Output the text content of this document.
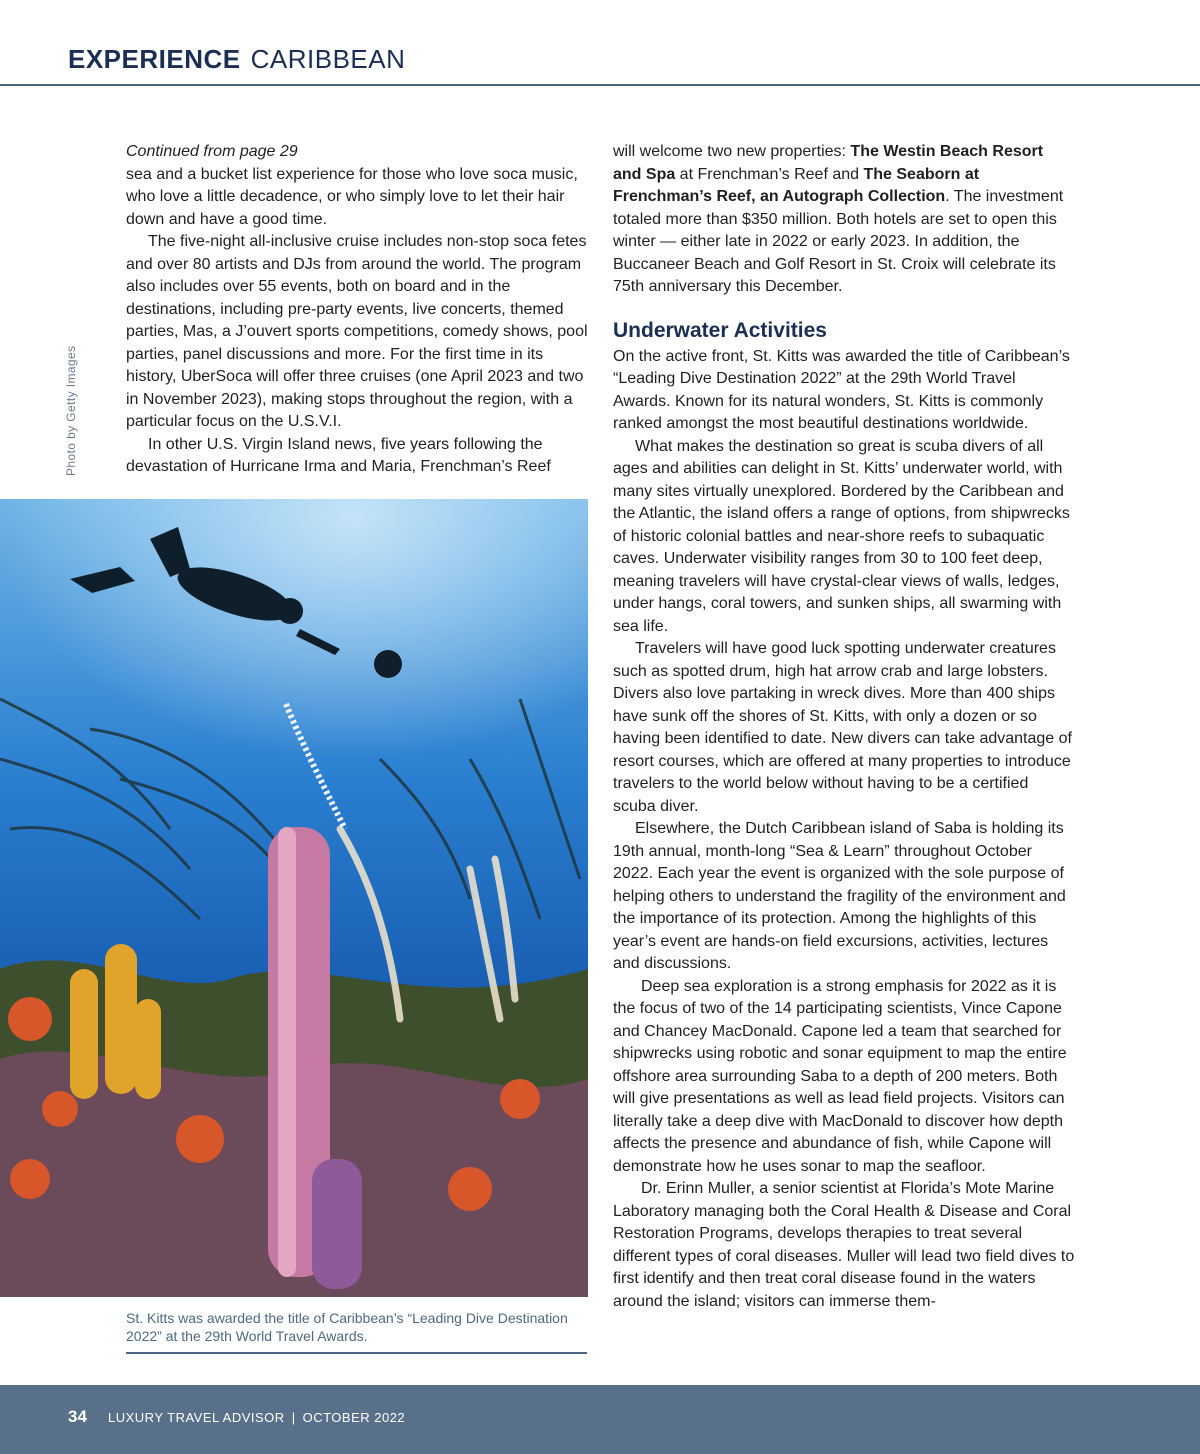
EXPERIENCE CARIBBEAN
Photo by Getty Images

Continued from page 29

sea and a bucket list experience for those who love soca music, who love a little decadence, or who simply love to let their hair down and have a good time.

The five-night all-inclusive cruise includes non-stop soca fetes and over 80 artists and DJs from around the world. The program also includes over 55 events, both on board and in the destinations, including pre-party events, live concerts, themed parties, Mas, a J’ouvert sports competitions, comedy shows, pool parties, panel discussions and more. For the first time in its history, UberSoca will offer three cruises (one April 2023 and two in November 2023), making stops throughout the region, with a particular focus on the U.S.V.I.

In other U.S. Virgin Island news, five years following the devastation of Hurricane Irma and Maria, Frenchman’s Reef

St. Kitts was awarded the title of Caribbean’s “Leading Dive Destination 2022” at the 29th World Travel Awards.

will welcome two new properties: The Westin Beach Resort and Spa at Frenchman’s Reef and The Seaborn at Frenchman’s Reef, an Autograph Collection. The investment totaled more than $350 million. Both hotels are set to open this winter — either late in 2022 or early 2023. In addition, the Buccaneer Beach and Golf Resort in St. Croix will celebrate its 75th anniversary this December.

Underwater Activities

On the active front, St. Kitts was awarded the title of Caribbean’s “Leading Dive Destination 2022” at the 29th World Travel Awards. Known for its natural wonders, St. Kitts is commonly ranked amongst the most beautiful destinations worldwide.

What makes the destination so great is scuba divers of all ages and abilities can delight in St. Kitts’ underwater world, with many sites virtually unexplored. Bordered by the Caribbean and the Atlantic, the island offers a range of options, from shipwrecks of historic colonial battles and near-shore reefs to subaquatic caves. Underwater visibility ranges from 30 to 100 feet deep, meaning travelers will have crystal-clear views of walls, ledges, under hangs, coral towers, and sunken ships, all swarming with sea life.

Travelers will have good luck spotting underwater creatures such as spotted drum, high hat arrow crab and large lobsters. Divers also love partaking in wreck dives. More than 400 ships have sunk off the shores of St. Kitts, with only a dozen or so having been identified to date. New divers can take advantage of resort courses, which are offered at many properties to introduce travelers to the world below without having to be a certified scuba diver.

Elsewhere, the Dutch Caribbean island of Saba is holding its 19th annual, month-long “Sea & Learn” throughout October 2022. Each year the event is organized with the sole purpose of helping others to understand the fragility of the environment and the importance of its protection. Among the highlights of this year’s event are hands-on field excursions, activities, lectures and discussions.

Deep sea exploration is a strong emphasis for 2022 as it is the focus of two of the 14 participating scientists, Vince Capone and Chancey MacDonald. Capone led a team that searched for shipwrecks using robotic and sonar equipment to map the entire offshore area surrounding Saba to a depth of 200 meters. Both will give presentations as well as lead field projects. Visitors can literally take a deep dive with MacDonald to discover how depth affects the presence and abundance of fish, while Capone will demonstrate how he uses sonar to map the seafloor.

Dr. Erinn Muller, a senior scientist at Florida’s Mote Marine Laboratory managing both the Coral Health & Disease and Coral Restoration Programs, develops therapies to treat several different types of coral diseases. Muller will lead two field dives to first identify and then treat coral disease found in the waters around the island; visitors can immerse them-

34 LUXURY TRAVEL ADVISOR | OCTOBER 2022
